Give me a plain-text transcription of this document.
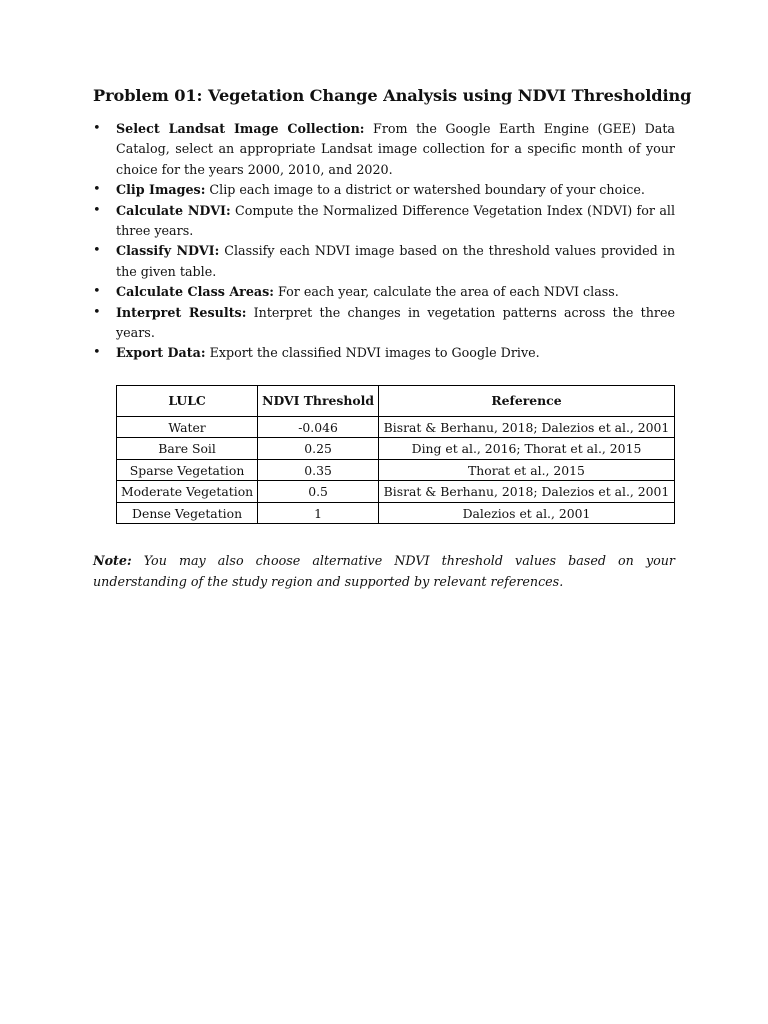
Problem 01: Vegetation Change Analysis using NDVI Thresholding
• Select Landsat Image Collection: From the Google Earth Engine (GEE) Data Catalog, select an appropriate Landsat image collection for a specific month of your choice for the years 2000, 2010, and 2020.
• Clip Images: Clip each image to a district or watershed boundary of your choice.
• Calculate NDVI: Compute the Normalized Difference Vegetation Index (NDVI) for all three years.
• Classify NDVI: Classify each NDVI image based on the threshold values provided in the given table.
• Calculate Class Areas: For each year, calculate the area of each NDVI class.
• Interpret Results: Interpret the changes in vegetation patterns across the three years.
• Export Data: Export the classified NDVI images to Google Drive.
LULC	NDVI Threshold	Reference
Water	-0.046	Bisrat & Berhanu, 2018; Dalezios et al., 2001
Bare Soil	0.25	Ding et al., 2016; Thorat et al., 2015
Sparse Vegetation	0.35	Thorat et al., 2015
Moderate Vegetation	0.5	Bisrat & Berhanu, 2018; Dalezios et al., 2001
Dense Vegetation	1	Dalezios et al., 2001

Note: You may also choose alternative NDVI threshold values based on your understanding of the study region and supported by relevant references.
